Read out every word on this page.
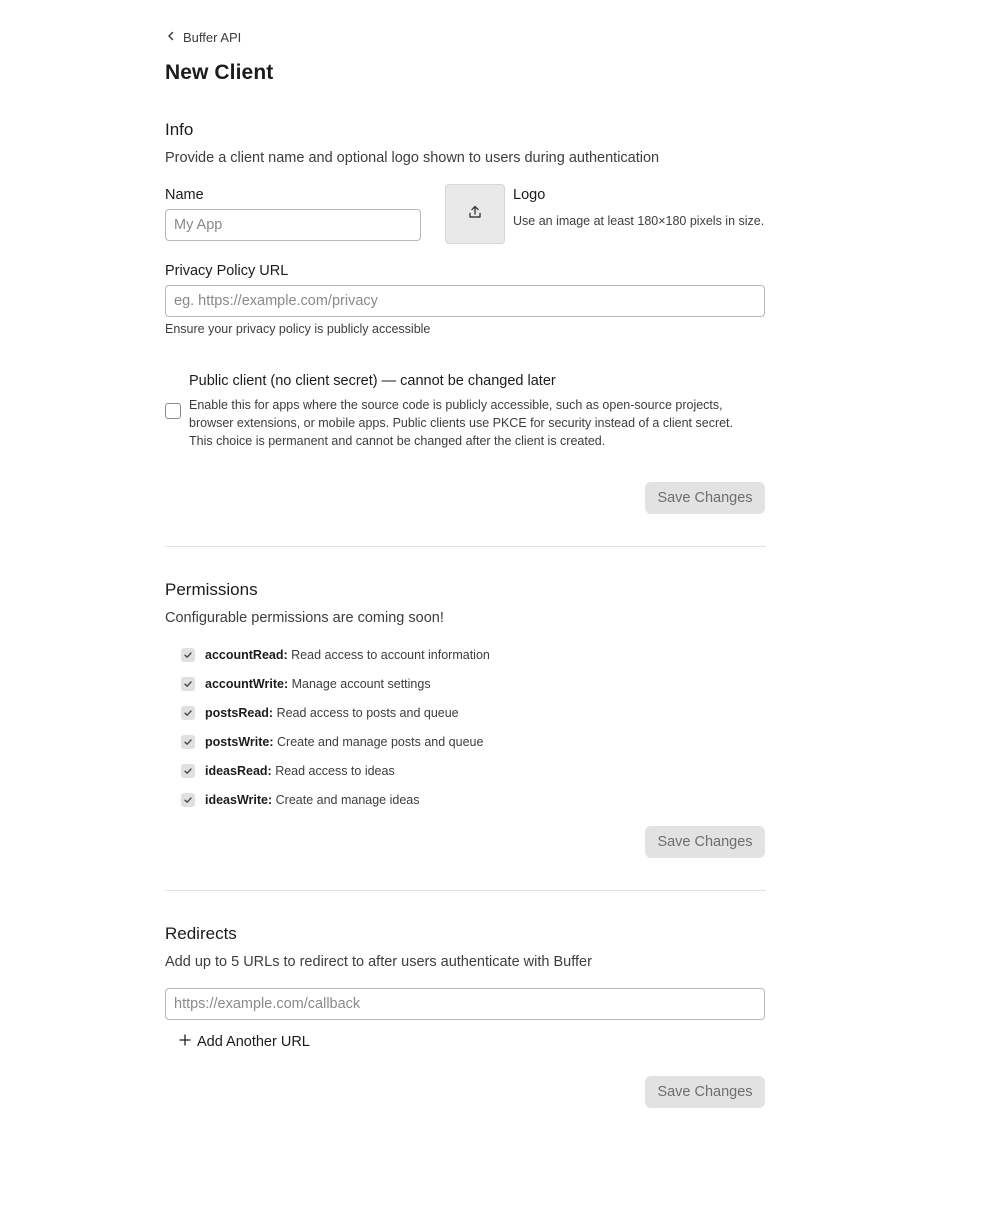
Buffer API
New Client
Info
Provide a client name and optional logo shown to users during authentication
Name
My App	Logo
Use an image at least 180×180 pixels in size.
Privacy Policy URL
eg. https://example.com/privacy
Ensure your privacy policy is publicly accessible
Public client (no client secret) — cannot be changed later
Enable this for apps where the source code is publicly accessible, such as open-source projects, browser extensions, or mobile apps. Public clients use PKCE for security instead of a client secret. This choice is permanent and cannot be changed after the client is created.
Save Changes
Permissions
Configurable permissions are coming soon!
accountRead: Read access to account information
accountWrite: Manage account settings
postsRead: Read access to posts and queue
postsWrite: Create and manage posts and queue
ideasRead: Read access to ideas
ideasWrite: Create and manage ideas
Save Changes
Redirects
Add up to 5 URLs to redirect to after users authenticate with Buffer
https://example.com/callback
Add Another URL
Save Changes
